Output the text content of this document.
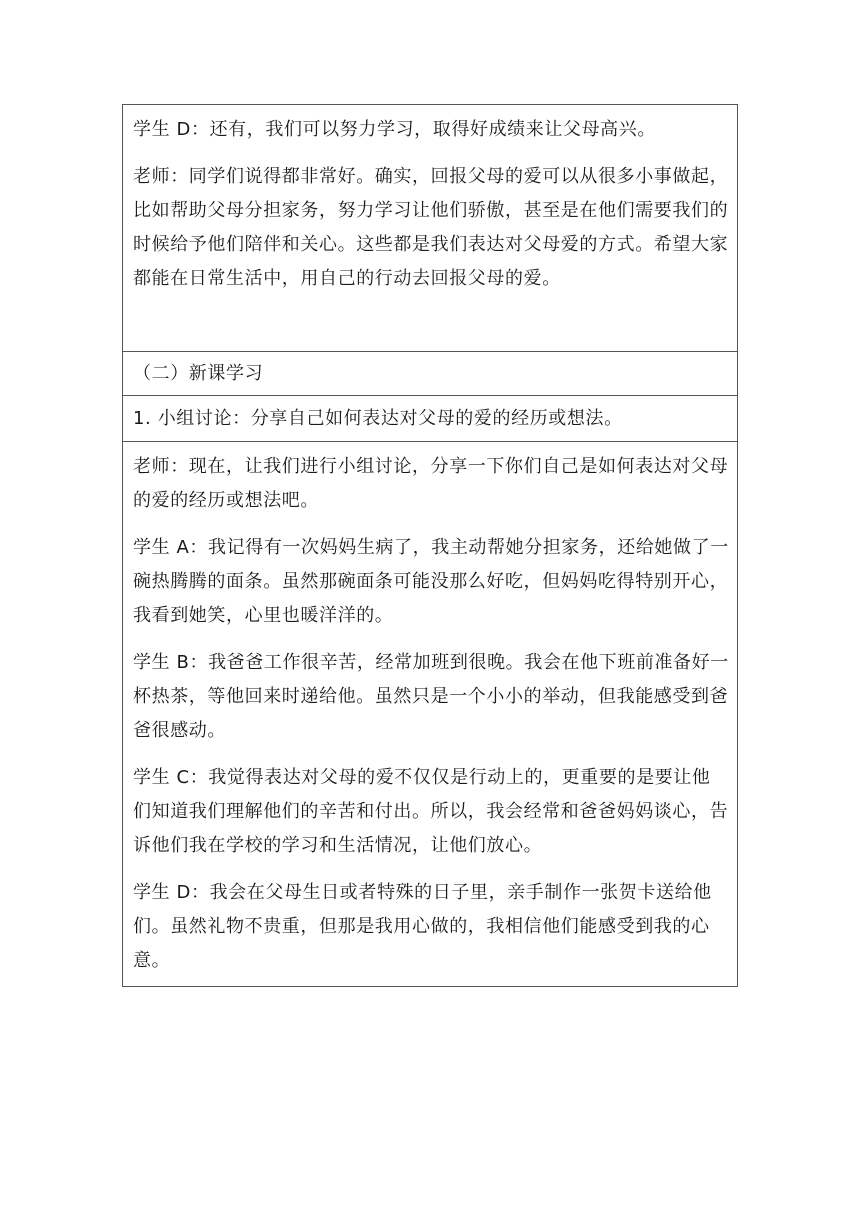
学生 D：还有，我们可以努力学习，取得好成绩来让父母高兴。

老师：同学们说得都非常好。确实，回报父母的爱可以从很多小事做起，比如帮助父母分担家务，努力学习让他们骄傲，甚至是在他们需要我们的时候给予他们陪伴和关心。这些都是我们表达对父母爱的方式。希望大家都能在日常生活中，用自己的行动去回报父母的爱。

（二）新课学习

1. 小组讨论：分享自己如何表达对父母的爱的经历或想法。

老师：现在，让我们进行小组讨论，分享一下你们自己是如何表达对父母的爱的经历或想法吧。

学生 A：我记得有一次妈妈生病了，我主动帮她分担家务，还给她做了一碗热腾腾的面条。虽然那碗面条可能没那么好吃，但妈妈吃得特别开心，我看到她笑，心里也暖洋洋的。

学生 B：我爸爸工作很辛苦，经常加班到很晚。我会在他下班前准备好一杯热茶，等他回来时递给他。虽然只是一个小小的举动，但我能感受到爸爸很感动。

学生 C：我觉得表达对父母的爱不仅仅是行动上的，更重要的是要让他们知道我们理解他们的辛苦和付出。所以，我会经常和爸爸妈妈谈心，告诉他们我在学校的学习和生活情况，让他们放心。

学生 D：我会在父母生日或者特殊的日子里，亲手制作一张贺卡送给他们。虽然礼物不贵重，但那是我用心做的，我相信他们能感受到我的心意。
